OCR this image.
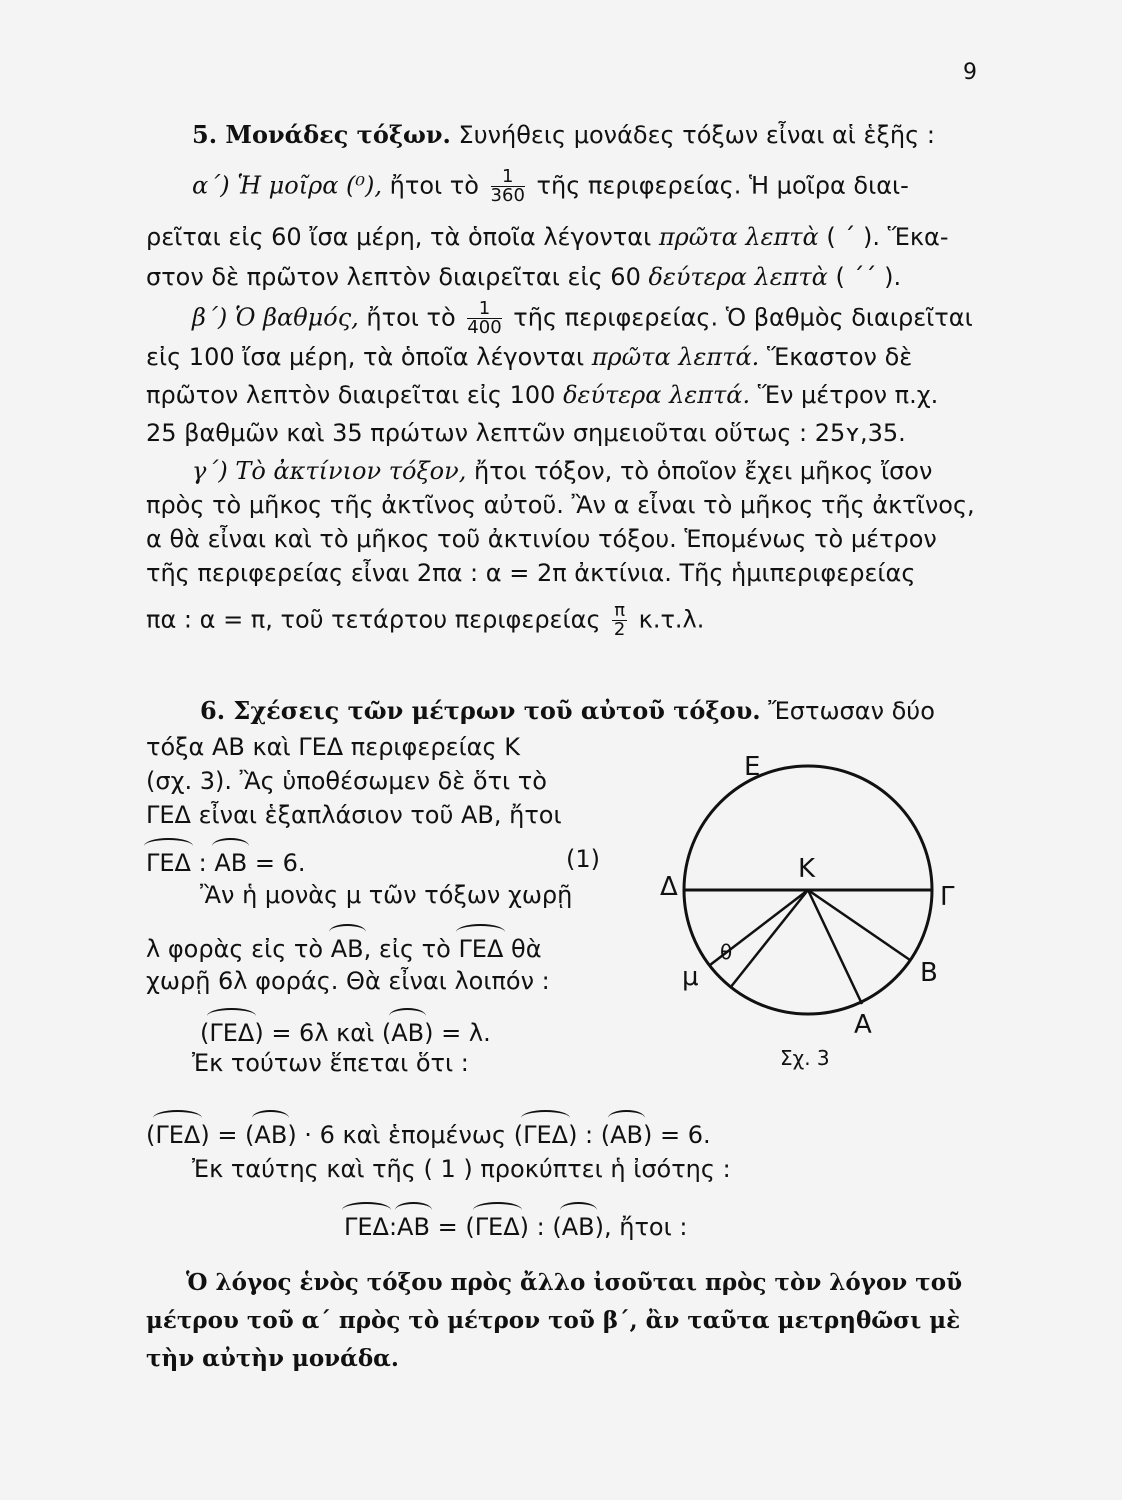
9
5. Μονάδες τόξων. Συνήθεις μονάδες τόξων εἶναι αἱ ἑξῆς :
α΄) Ἡ μοῖρα (⁰), ἤτοι τὸ $\frac{1}{360}$ τῆς περιφερείας. Ἡ μοῖρα διαι-
ρεῖται εἰς 60 ἴσα μέρη, τὰ ὁποῖα λέγονται πρῶτα λεπτὰ ( ΄ ). Ἕκα-
στον δὲ πρῶτον λεπτὸν διαιρεῖται εἰς 60 δεύτερα λεπτὰ ( ΄΄ ).
β΄) Ὁ βαθμός, ἤτοι τὸ $\frac{1}{400}$ τῆς περιφερείας. Ὁ βαθμὸς διαιρεῖται
εἰς 100 ἴσα μέρη, τὰ ὁποῖα λέγονται πρῶτα λεπτά. Ἕκαστον δὲ
πρῶτον λεπτὸν διαιρεῖται εἰς 100 δεύτερα λεπτά. Ἕν μέτρον π.χ.
25 βαθμῶν καὶ 35 πρώτων λεπτῶν σημειοῦται οὕτως : 25ʏ,35.
γ΄) Τὸ ἀκτίνιον τόξον, ἤτοι τόξον, τὸ ὁποῖον ἔχει μῆκος ἴσον
πρὸς τὸ μῆκος τῆς ἀκτῖνος αὐτοῦ. Ἂν α εἶναι τὸ μῆκος τῆς ἀκτῖνος,
α θὰ εἶναι καὶ τὸ μῆκος τοῦ ἀκτινίου τόξου. Ἑπομένως τὸ μέτρον
τῆς περιφερείας εἶναι 2πα : α = 2π ἀκτίνια. Τῆς ἡμιπεριφερείας
πα : α = π, τοῦ τετάρτου περιφερείας $\frac{\pi}{2} \kappa.\tau.\lambda$.
6. Σχέσεις τῶν μέτρων τοῦ αὐτοῦ τόξου. Ἔστωσαν δύο
τόξα ΑΒ καὶ ΓΕΔ περιφερείας Κ
(σχ. 3). Ἂς ὑποθέσωμεν δὲ ὅτι τὸ
ΓΕΔ εἶναι ἑξαπλάσιον τοῦ ΑΒ, ἤτοι
ΓΕΔ : ΑΒ = 6.	(1)
Ἂν ἡ μονὰς μ τῶν τόξων χωρῇ
λ φορὰς εἰς τὸ ΑΒ, εἰς τὸ ΓΕΔ θὰ
χωρῇ 6λ φοράς. Θὰ εἶναι λοιπόν :
(ΓΕΔ) = 6λ καὶ (ΑΒ) = λ.
Ἐκ τούτων ἕπεται ὅτι :
(ΓΕΔ) = (ΑΒ) · 6 καὶ ἑπομένως (ΓΕΔ) : (ΑΒ) = 6.
Ἐκ ταύτης καὶ τῆς ( 1 ) προκύπτει ἡ ἰσότης :
ΓΕΔ:ΑΒ = (ΓΕΔ) : (ΑΒ), ἤτοι :
Ὁ λόγος ἑνὸς τόξου πρὸς ἄλλο ἰσοῦται πρὸς τὸν λόγον τοῦ
μέτρου τοῦ α΄ πρὸς τὸ μέτρον τοῦ β΄, ἂν ταῦτα μετρηθῶσι μὲ
τὴν αὐτὴν μονάδα.
Ε
Κ
Δ	Γ
θ
μ	Β
Α
Σχ. 3
